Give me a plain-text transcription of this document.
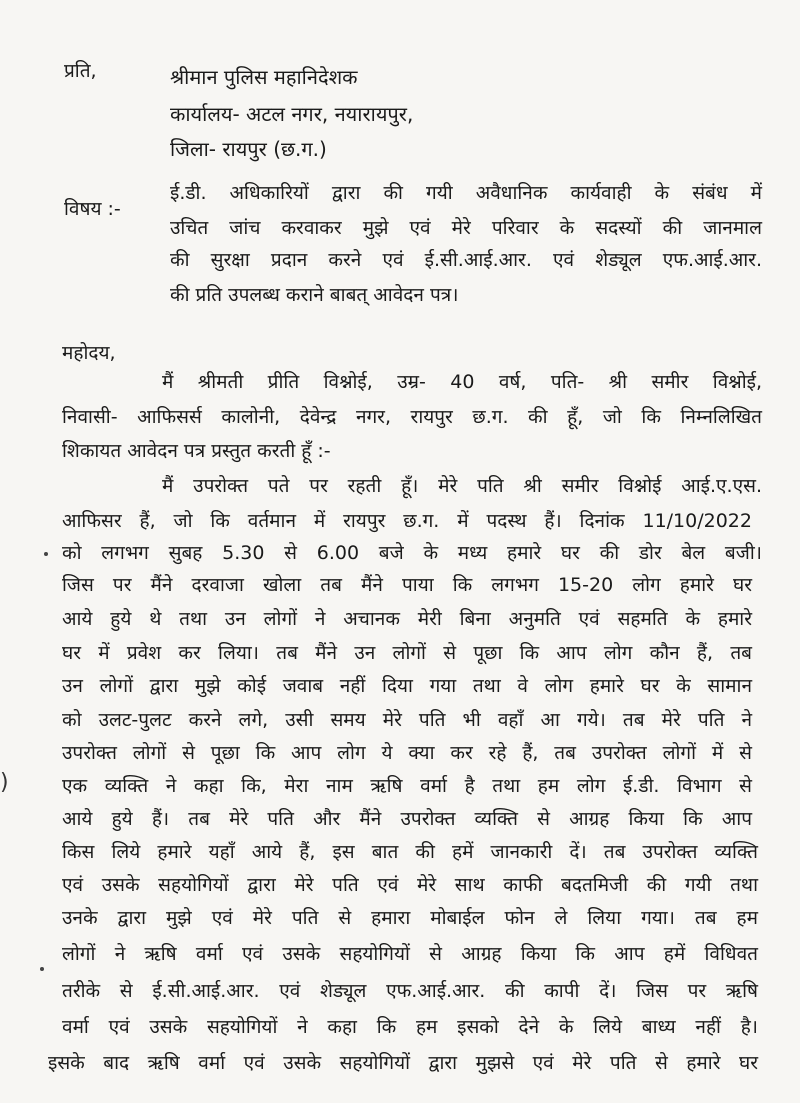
प्रति,	श्रीमान पुलिस महानिदेशक
कार्यालय- अटल नगर, नयारायपुर,
जिला- रायपुर (छ.ग.)
विषय :-
ई.डी. अधिकारियों द्वारा की गयी अवैधानिक कार्यवाही के संबंध में
उचित जांच करवाकर मुझे एवं मेरे परिवार के सदस्यों की जानमाल
की सुरक्षा प्रदान करने एवं ई.सी.आई.आर. एवं शेड्यूल एफ.आई.आर.
की प्रति उपलब्ध कराने बाबत् आवेदन पत्र।
महोदय,
मैं श्रीमती प्रीति विश्नोई, उम्र- 40 वर्ष, पति- श्री समीर विश्नोई,
निवासी- आफिसर्स कालोनी, देवेन्द्र नगर, रायपुर छ.ग. की हूँ, जो कि निम्नलिखित
शिकायत आवेदन पत्र प्रस्तुत करती हूँ :-
मैं उपरोक्त पते पर रहती हूँ। मेरे पति श्री समीर विश्नोई आई.ए.एस.
आफिसर हैं, जो कि वर्तमान में रायपुर छ.ग. में पदस्थ हैं। दिनांक 11/10/2022
को लगभग सुबह 5.30 से 6.00 बजे के मध्य हमारे घर की डोर बेल बजी।
जिस पर मैंने दरवाजा खोला तब मैंने पाया कि लगभग 15-20 लोग हमारे घर
आये हुये थे तथा उन लोगों ने अचानक मेरी बिना अनुमति एवं सहमति के हमारे
घर में प्रवेश कर लिया। तब मैंने उन लोगों से पूछा कि आप लोग कौन हैं, तब
उन लोगों द्वारा मुझे कोई जवाब नहीं दिया गया तथा वे लोग हमारे घर के सामान
को उलट-पुलट करने लगे, उसी समय मेरे पति भी वहाँ आ गये। तब मेरे पति ने
उपरोक्त लोगों से पूछा कि आप लोग ये क्या कर रहे हैं, तब उपरोक्त लोगों में से
एक व्यक्ति ने कहा कि, मेरा नाम ऋषि वर्मा है तथा हम लोग ई.डी. विभाग से
आये हुये हैं। तब मेरे पति और मैंने उपरोक्त व्यक्ति से आग्रह किया कि आप
किस लिये हमारे यहाँ आये हैं, इस बात की हमें जानकारी दें। तब उपरोक्त व्यक्ति
एवं उसके सहयोगियों द्वारा मेरे पति एवं मेरे साथ काफी बदतमिजी की गयी तथा
उनके द्वारा मुझे एवं मेरे पति से हमारा मोबाईल फोन ले लिया गया। तब हम
लोगों ने ऋषि वर्मा एवं उसके सहयोगियों से आग्रह किया कि आप हमें विधिवत
तरीके से ई.सी.आई.आर. एवं शेड्यूल एफ.आई.आर. की कापी दें। जिस पर ऋषि
वर्मा एवं उसके सहयोगियों ने कहा कि हम इसको देने के लिये बाध्य नहीं है।
इसके बाद ऋषि वर्मा एवं उसके सहयोगियों द्वारा मुझसे एवं मेरे पति से हमारे घर
)
